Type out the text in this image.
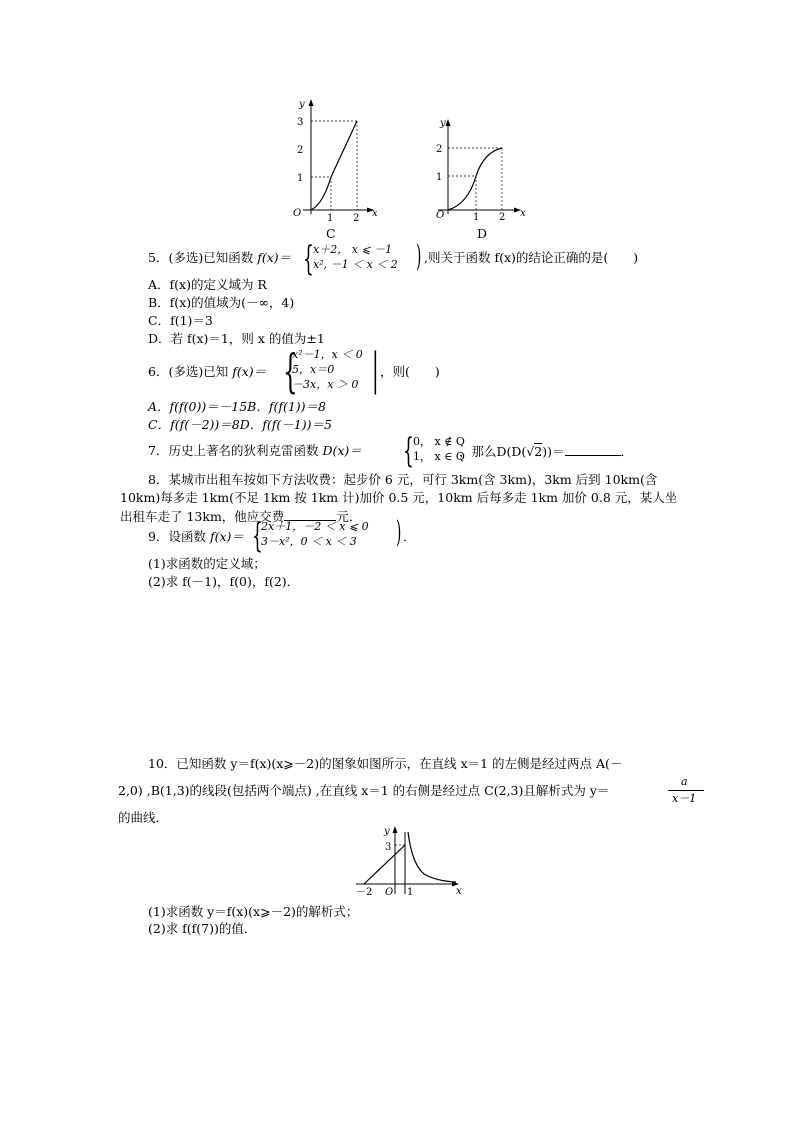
y
x
O	1 2
1
2
3
C
y
x
O	1 2
1
2
D
5．(多选)已知函数 f(x)＝ { x＋2， x ⩽ －1
x², －1 ＜ x ＜ 2 ) ,则关于函数 f(x)的结论正确的是(　　)
A．f(x)的定义域为 R
B．f(x)的值域为(－∞，4)
C．f(1)＝3
D．若 f(x)＝1，则 x 的值为±1
6．(多选)已知 f(x)＝ {
x²－1，x ＜ 0
5，x＝0
－3x，x ＞ 0 | ，则(　　)
A．f(f(0))＝－15B．f(f(1))＝8
C．f(f(－2))＝8D．f(f(－1))＝5
7．历史上著名的狄利克雷函数 D(x)＝ { 0， x ∉ Q
1， x ∈ Q
，那么D(D(√2))＝	．
8．某城市出租车按如下方法收费：起步价 6 元，可行 3km(含 3km)，3km 后到 10km(含
10km)每多走 1km(不足 1km 按 1km 计)加价 0.5 元，10km 后每多走 1km 加价 0.8 元，某人坐
出租车走了 13km，他应交费	元．
9．设函数 f(x)＝ {
2x＋1，－2 ＜ x ⩽ 0
3－x²，0 ＜ x ＜ 3 ) ．
(1)求函数的定义域；
(2)求 f(－1)，f(0)，f(2)．
10．已知函数 y＝f(x)(x⩾－2)的图象如图所示，在直线 x＝1 的左侧是经过两点 A(－
2,0) ,B(1,3)的线段(包括两个端点) ,在直线 x＝1 的右侧是经过点 C(2,3)且解析式为 y＝
a
x－1
的曲线．
y
x
O
－2	1
3
(1)求函数 y＝f(x)(x⩾－2)的解析式；
(2)求 f(f(7))的值．
